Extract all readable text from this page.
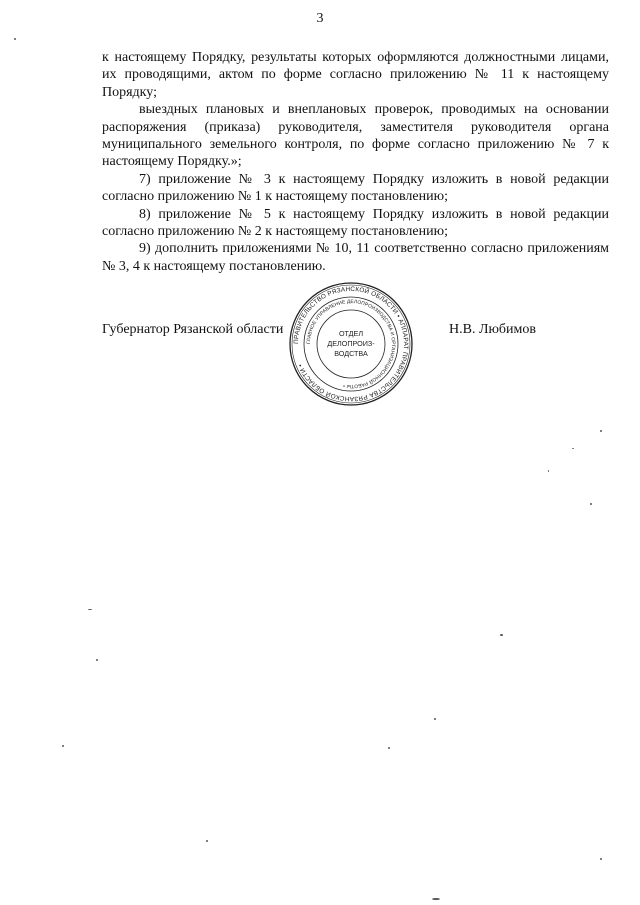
3

к настоящему Порядку, результаты которых оформляются должностными лицами, их проводящими, актом по форме согласно приложению № 11 к настоящему Порядку;

выездных плановых и внеплановых проверок, проводимых на основании распоряжения (приказа) руководителя, заместителя руководителя органа муниципального земельного контроля, по форме согласно приложению № 7 к настоящему Порядку.»;

7) приложение № 3 к настоящему Порядку изложить в новой редакции согласно приложению № 1 к настоящему постановлению;

8) приложение № 5 к настоящему Порядку изложить в новой редакции согласно приложению № 2 к настоящему постановлению;

9) дополнить приложениями № 10, 11 соответственно согласно приложениям № 3, 4 к настоящему постановлению.

Губернатор Рязанской области	Н.В. Любимов
ПРАВИТЕЛЬСТВО РЯЗАНСКОЙ ОБЛАСТИ • АППАРАТ ПРАВИТЕЛЬСТВА РЯЗАНСКОЙ ОБЛАСТИ •
ГЛАВНОЕ УПРАВЛЕНИЕ ДЕЛОПРОИЗВОДСТВА И ОРГАНИЗАЦИОННОЙ РАБОТЫ •
ОТДЕЛ
ДЕЛОПРОИЗ-
ВОДСТВА
